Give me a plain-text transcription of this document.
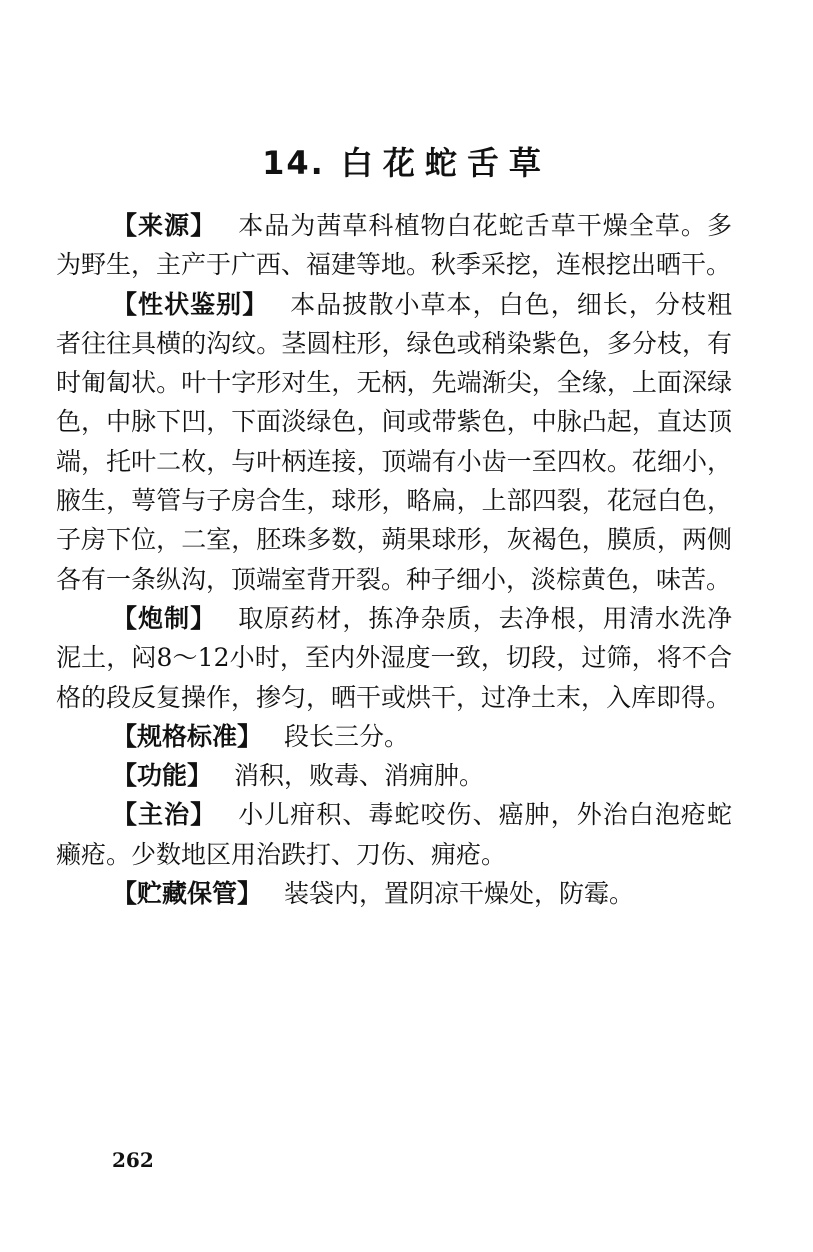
14. 白花蛇舌草

【来源】 本品为茜草科植物白花蛇舌草干燥全草。多为野生，主产于广西、福建等地。秋季采挖，连根挖出晒干。

【性状鉴别】 本品披散小草本，白色，细长，分枝粗者往往具横的沟纹。茎圆柱形，绿色或稍染紫色，多分枝，有时匍匐状。叶十字形对生，无柄，先端渐尖，全缘，上面深绿色，中脉下凹，下面淡绿色，间或带紫色，中脉凸起，直达顶端，托叶二枚，与叶柄连接，顶端有小齿一至四枚。花细小，腋生，萼管与子房合生，球形，略扁，上部四裂，花冠白色，子房下位，二室，胚珠多数，蒴果球形，灰褐色，膜质，两侧各有一条纵沟，顶端室背开裂。种子细小，淡棕黄色，味苦。

【炮制】 取原药材，拣净杂质，去净根，用清水洗净泥土，闷8～12小时，至内外湿度一致，切段，过筛，将不合格的段反复操作，掺匀，晒干或烘干，过净土末，入库即得。

【规格标准】 段长三分。

【功能】 消积，败毒、消痈肿。

【主治】 小儿疳积、毒蛇咬伤、癌肿，外治白泡疮蛇癞疮。少数地区用治跌打、刀伤、痈疮。

【贮藏保管】 装袋内，置阴凉干燥处，防霉。

262
